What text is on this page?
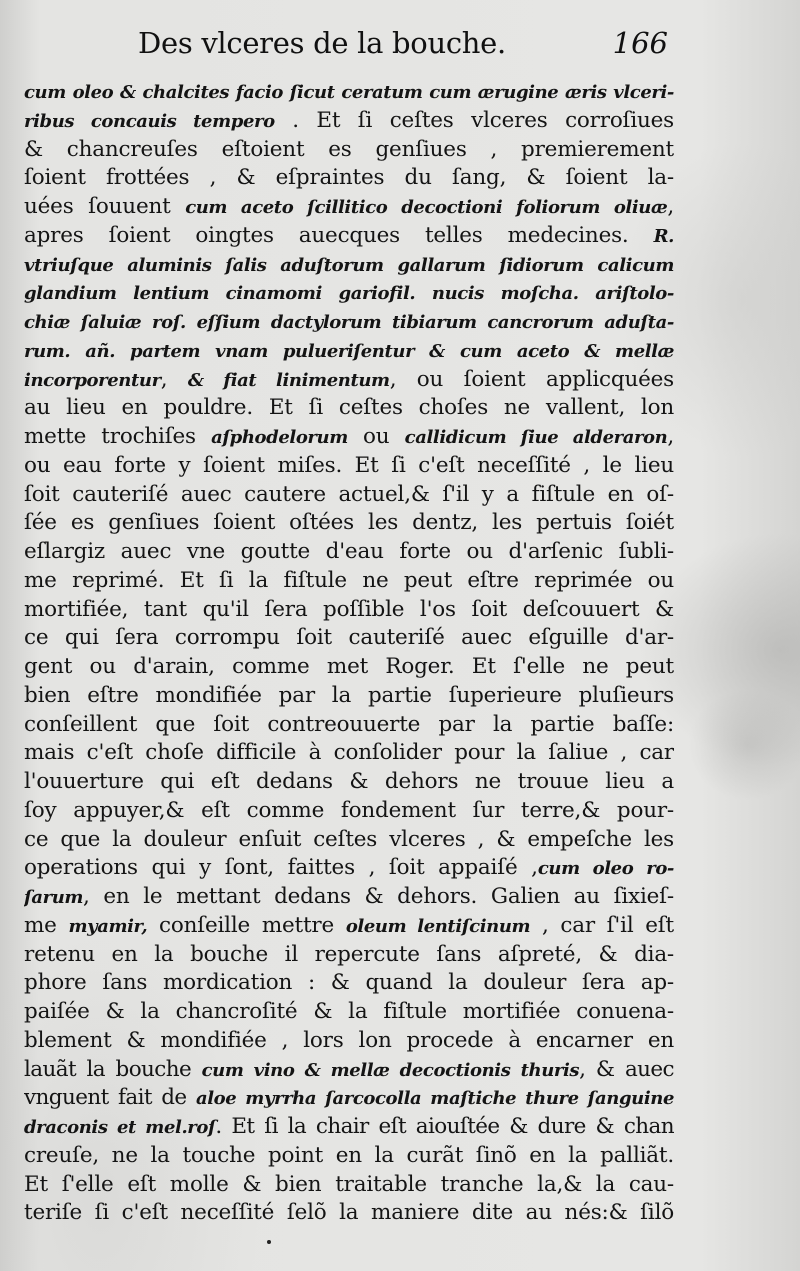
Des vlceres de la bouche.	166
cum oleo & chalcites facio ſicut ceratum cum ærugine æris vlceri-
ribus concauis tempero . Et ſi ceſtes vlceres corroſiues
& chancreuſes eſtoient es genſiues , premierement
ſoient frottées , & eſpraintes du ſang, & ſoient la-
uées ſouuent cum aceto ſcillitico decoctioni foliorum oliuæ,
apres ſoient oingtes auecques telles medecines. R.
vtriuſque aluminis ſalis aduſtorum gallarum ſidiorum calicum
glandium lentium cinamomi gariofil. nucis moſcha. ariſtolo-
chiæ ſaluiæ roſ. eſſium dactylorum tibiarum cancrorum aduſta-
rum. añ. partem vnam pulueriſentur & cum aceto & mellæ
incorporentur, & fiat linimentum, ou ſoient applicquées
au lieu en pouldre. Et ſi ceſtes choſes ne vallent, lon
mette trochiſes aſphodelorum ou callidicum ſiue alderaron,
ou eau forte y ſoient miſes. Et ſi c'eſt neceſſité , le lieu
ſoit cauteriſé auec cautere actuel,& ſ'il y a fiſtule en oſ-
ſée es genſiues ſoient oſtées les dentz, les pertuis ſoiét
eſlargiz auec vne goutte d'eau forte ou d'arſenic ſubli-
me reprimé. Et ſi la fiſtule ne peut eſtre reprimée ou
mortifiée, tant qu'il ſera poſſible l'os ſoit deſcouuert &
ce qui ſera corrompu ſoit cauteriſé auec eſguille d'ar-
gent ou d'arain, comme met Roger. Et ſ'elle ne peut
bien eſtre mondifiée par la partie ſuperieure pluſieurs
conſeillent que ſoit contreouuerte par la partie baſſe:
mais c'eſt choſe difficile à conſolider pour la ſaliue , car
l'ouuerture qui eſt dedans & dehors ne trouue lieu a
ſoy appuyer,& eſt comme fondement ſur terre,& pour-
ce que la douleur enſuit ceſtes vlceres , & empeſche les
operations qui y ſont, faittes , ſoit appaiſé ,cum oleo ro-
ſarum, en le mettant dedans & dehors. Galien au ſixieſ-
me myamir, conſeille mettre oleum lentiſcinum , car ſ'il eſt
retenu en la bouche il repercute ſans aſpreté, & dia-
phore ſans mordication : & quand la douleur ſera ap-
paiſée & la chancroſité & la fiſtule mortifiée conuena-
blement & mondifiée , lors lon procede à encarner en
lauãt la bouche cum vino & mellæ decoctionis thuris, & auec
vnguent fait de aloe myrrha ſarcocolla maſtiche thure ſanguine
draconis et mel.roſ. Et ſi la chair eſt aiouſtée & dure & chan
creuſe, ne la touche point en la curãt ſinõ en la palliãt.
Et ſ'elle eſt molle & bien traitable tranche la,& la cau-
teriſe ſi c'eſt neceſſité ſelõ la maniere dite au nés:& ſilõ
